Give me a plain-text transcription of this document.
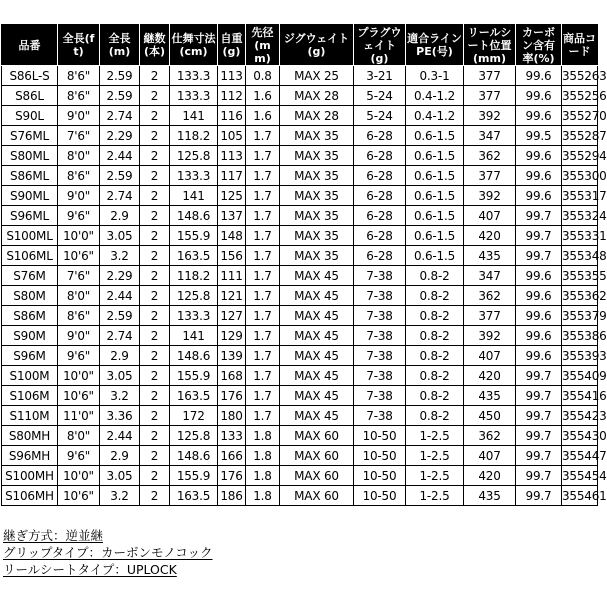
品番	全長(ft)	全長(m)	継数(本)	仕舞寸法(cm)	自重(g)	先径(mm)	ジグウェイト(g)	プラグウェイト(g)	適合ラインPE(号)	リールシート位置(mm)	カーボン含有率(%)	商品コード
S86L-S	8'6"	2.59	2	133.3	113	0.8	MAX 25	3-21	0.3-1	377	99.6	355263
S86L	8'6"	2.59	2	133.3	112	1.6	MAX 28	5-24	0.4-1.2	377	99.6	355256
S90L	9'0"	2.74	2	141	116	1.6	MAX 28	5-24	0.4-1.2	392	99.6	355270
S76ML	7'6"	2.29	2	118.2	105	1.7	MAX 35	6-28	0.6-1.5	347	99.5	355287
S80ML	8'0"	2.44	2	125.8	113	1.7	MAX 35	6-28	0.6-1.5	362	99.6	355294
S86ML	8'6"	2.59	2	133.3	117	1.7	MAX 35	6-28	0.6-1.5	377	99.6	355300
S90ML	9'0"	2.74	2	141	125	1.7	MAX 35	6-28	0.6-1.5	392	99.6	355317
S96ML	9'6"	2.9	2	148.6	137	1.7	MAX 35	6-28	0.6-1.5	407	99.7	355324
S100ML	10'0"	3.05	2	155.9	148	1.7	MAX 35	6-28	0.6-1.5	420	99.7	355331
S106ML	10'6"	3.2	2	163.5	156	1.7	MAX 35	6-28	0.6-1.5	435	99.7	355348
S76M	7'6"	2.29	2	118.2	111	1.7	MAX 45	7-38	0.8-2	347	99.6	355355
S80M	8'0"	2.44	2	125.8	121	1.7	MAX 45	7-38	0.8-2	362	99.6	355362
S86M	8'6"	2.59	2	133.3	127	1.7	MAX 45	7-38	0.8-2	377	99.6	355379
S90M	9'0"	2.74	2	141	129	1.7	MAX 45	7-38	0.8-2	392	99.6	355386
S96M	9'6"	2.9	2	148.6	139	1.7	MAX 45	7-38	0.8-2	407	99.6	355393
S100M	10'0"	3.05	2	155.9	168	1.7	MAX 45	7-38	0.8-2	420	99.7	355409
S106M	10'6"	3.2	2	163.5	176	1.7	MAX 45	7-38	0.8-2	435	99.7	355416
S110M	11'0"	3.36	2	172	180	1.7	MAX 45	7-38	0.8-2	450	99.7	355423
S80MH	8'0"	2.44	2	125.8	133	1.8	MAX 60	10-50	1-2.5	362	99.7	355430
S96MH	9'6"	2.9	2	148.6	166	1.8	MAX 60	10-50	1-2.5	407	99.7	355447
S100MH	10'0"	3.05	2	155.9	176	1.8	MAX 60	10-50	1-2.5	420	99.7	355454
S106MH	10'6"	3.2	2	163.5	186	1.8	MAX 60	10-50	1-2.5	435	99.7	355461
継ぎ方式：逆並継
グリップタイプ：カーボンモノコック
リールシートタイプ：UPLOCK
